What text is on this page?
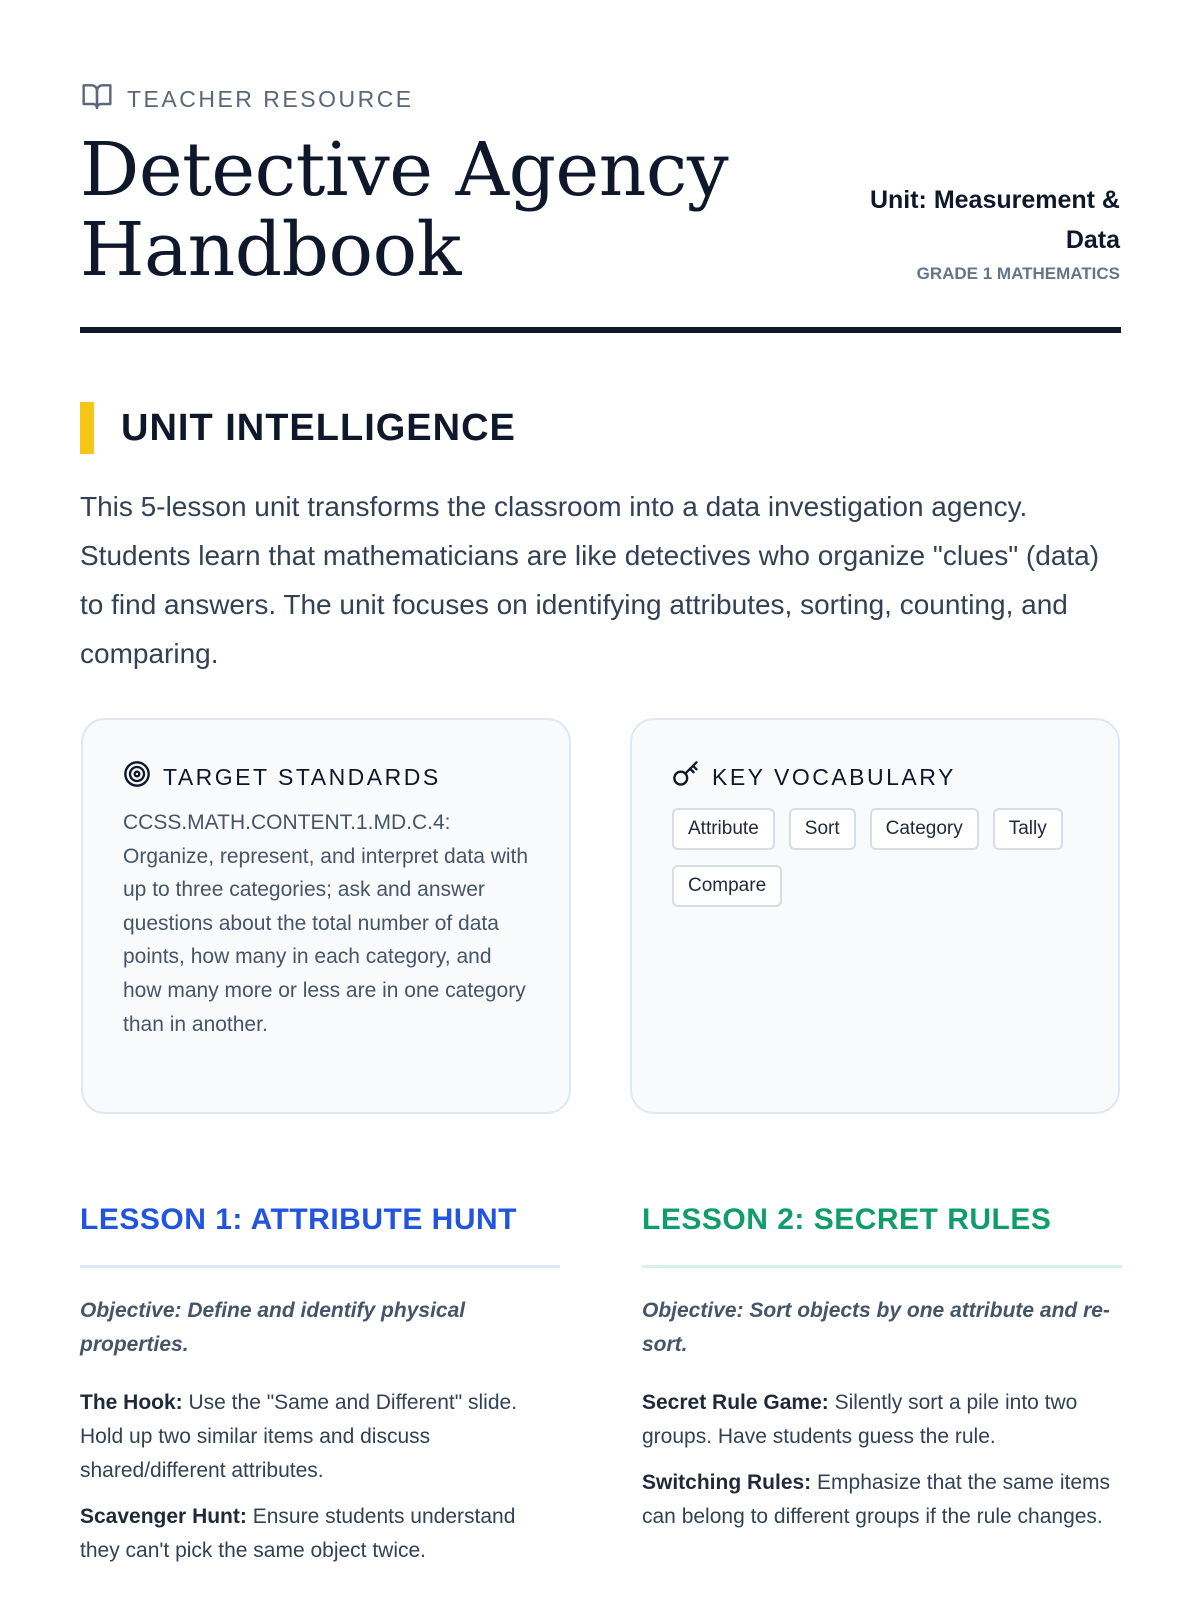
TEACHER RESOURCE
Detective Agency Handbook
Unit: Measurement & Data
GRADE 1 MATHEMATICS
UNIT INTELLIGENCE

This 5-lesson unit transforms the classroom into a data investigation agency. Students learn that mathematicians are like detectives who organize "clues" (data) to find answers. The unit focuses on identifying attributes, sorting, counting, and comparing.

TARGET STANDARDS

CCSS.MATH.CONTENT.1.MD.C.4: Organize, represent, and interpret data with up to three categories; ask and answer questions about the total number of data points, how many in each category, and how many more or less are in one category than in another.

KEY VOCABULARY
Attribute	Sort	Category	Tally
Compare
LESSON 1: ATTRIBUTE HUNT

Objective: Define and identify physical properties.

The Hook: Use the "Same and Different" slide. Hold up two similar items and discuss shared/different attributes.

Scavenger Hunt: Ensure students understand they can't pick the same object twice.

LESSON 2: SECRET RULES

Objective: Sort objects by one attribute and re-sort.

Secret Rule Game: Silently sort a pile into two groups. Have students guess the rule.

Switching Rules: Emphasize that the same items can belong to different groups if the rule changes.
